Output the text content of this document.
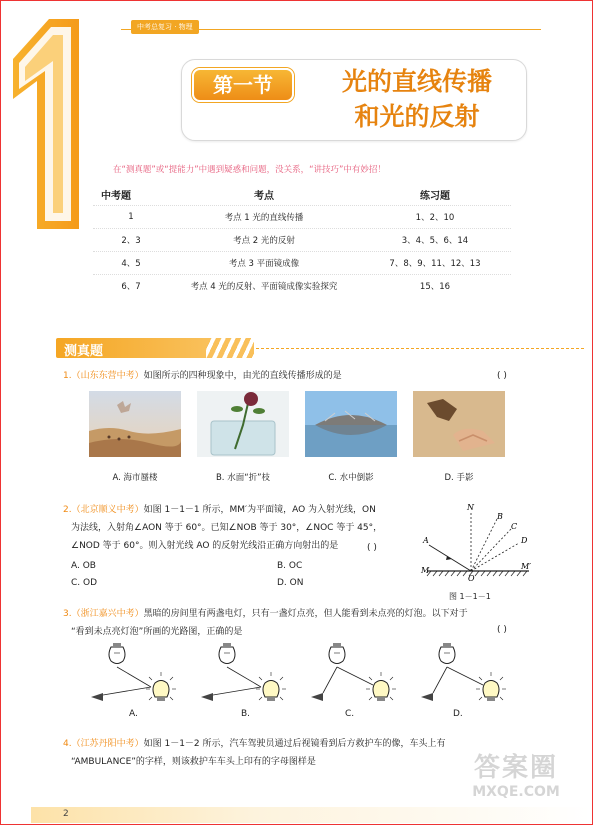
中考总复习 · 物理
第一节	光的直线传播
和光的反射
在“测真题”或“提能力”中遇到疑惑和问题，没关系，“讲技巧”中有妙招！
中考题	考点	练习题
1	考点 1 光的直线传播	1、2、10
2、3	考点 2 光的反射	3、4、5、6、14
4、5	考点 3 平面镜成像	7、8、9、11、12、13
6、7	考点 4 光的反射、平面镜成像实验探究	15、16
测真题
1.（山东东营中考）如图所示的四种现象中，由光的直线传播形成的是	( )
A. 海市蜃楼	B. 水面“折”枝	C. 水中倒影	D. 手影
2.（北京顺义中考）如图 1－1－1 所示，MM′为平面镜，AO 为入射光线，ON
为法线，入射角∠AON 等于 60°。已知∠NOB 等于 30°，∠NOC 等于 45°，
∠NOD 等于 60°。则入射光线 AO 的反射光线沿正确方向射出的是	( )
A. OB	B. OC
C. OD	D. ON
N
B
C
D
A
M
O
M′
图 1－1－1
3.（浙江嘉兴中考）黑暗的房间里有两盏电灯，只有一盏灯点亮，但人能看到未点亮的灯泡。以下对于
“看到未点亮灯泡”所画的光路图，正确的是	( )
A.	B.	C.	D.
4.（江苏丹阳中考）如图 1－1－2 所示，汽车驾驶员通过后视镜看到后方救护车的像，车头上有
“AMBULANCE”的字样，则该救护车车头上印有的字母图样是	答案圈
MXQE.COM
2
